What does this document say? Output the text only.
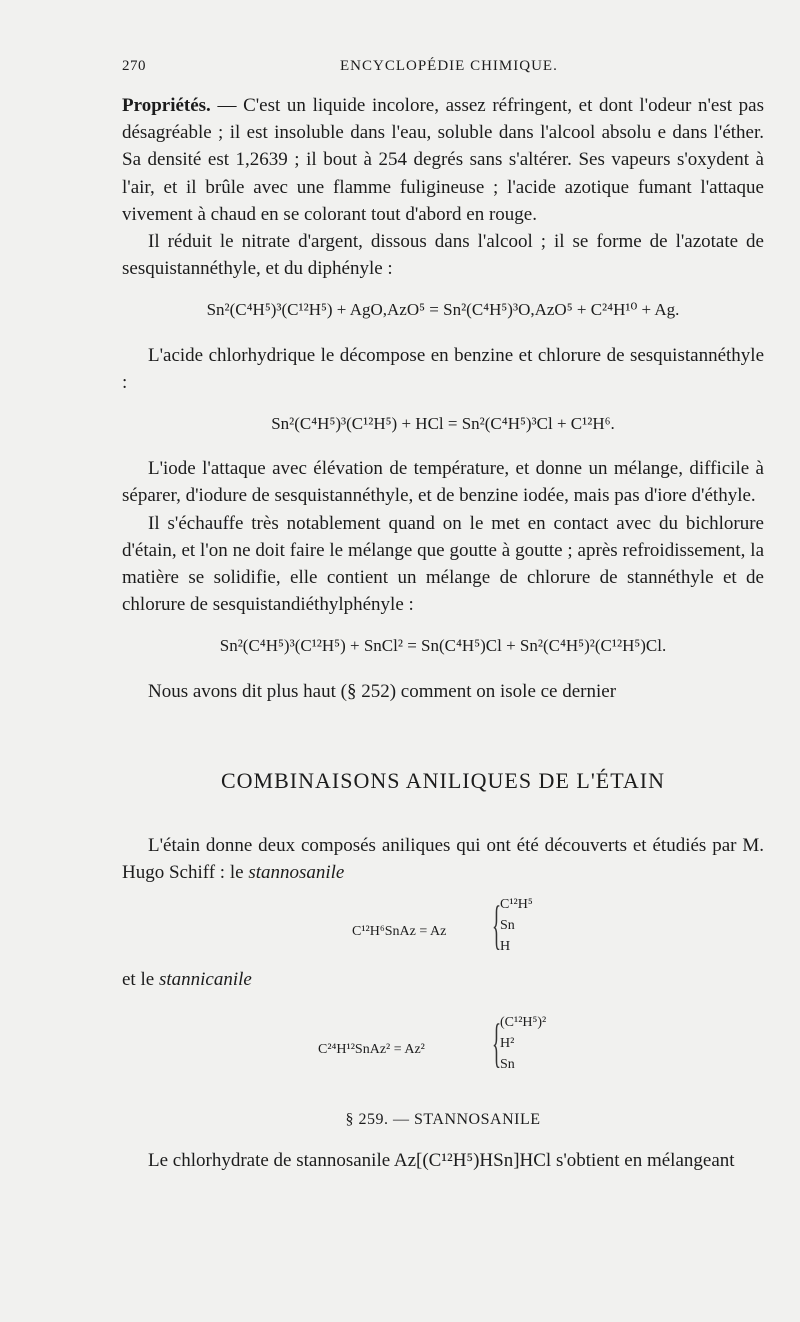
270	ENCYCLOPÉDIE CHIMIQUE.

Propriétés. — C'est un liquide incolore, assez réfringent, et dont l'odeur n'est pas désagréable ; il est insoluble dans l'eau, soluble dans l'alcool absolu e dans l'éther. Sa densité est 1,2639 ; il bout à 254 degrés sans s'altérer. Ses vapeurs s'oxydent à l'air, et il brûle avec une flamme fuligineuse ; l'acide azotique fumant l'attaque vivement à chaud en se colorant tout d'abord en rouge.

Il réduit le nitrate d'argent, dissous dans l'alcool ; il se forme de l'azotate de sesquistannéthyle, et du diphényle :

Sn²(C⁴H⁵)³(C¹²H⁵) + AgO,AzO⁵ = Sn²(C⁴H⁵)³O,AzO⁵ + C²⁴H¹⁰ + Ag.

L'acide chlorhydrique le décompose en benzine et chlorure de sesquistannéthyle :

Sn²(C⁴H⁵)³(C¹²H⁵) + HCl = Sn²(C⁴H⁵)³Cl + C¹²H⁶.

L'iode l'attaque avec élévation de température, et donne un mélange, difficile à séparer, d'iodure de sesquistannéthyle, et de benzine iodée, mais pas d'iore d'éthyle.

Il s'échauffe très notablement quand on le met en contact avec du bichlorure d'étain, et l'on ne doit faire le mélange que goutte à goutte ; après refroidissement, la matière se solidifie, elle contient un mélange de chlorure de stannéthyle et de chlorure de sesquistandiéthylphényle :

Sn²(C⁴H⁵)³(C¹²H⁵) + SnCl² = Sn(C⁴H⁵)Cl + Sn²(C⁴H⁵)²(C¹²H⁵)Cl.

Nous avons dit plus haut (§ 252) comment on isole ce dernier

COMBINAISONS ANILIQUES DE L'ÉTAIN

L'étain donne deux composés aniliques qui ont été découverts et étudiés par M. Hugo Schiff : le stannosanile

C¹²H⁶SnAz = Az {
C¹²H⁵
Sn
H

et le stannicanile

C²⁴H¹²SnAz² = Az² {
(C¹²H⁵)²
H²
Sn
§ 259. — STANNOSANILE

Le chlorhydrate de stannosanile Az[(C¹²H⁵)HSn]HCl s'obtient en mélangeant
